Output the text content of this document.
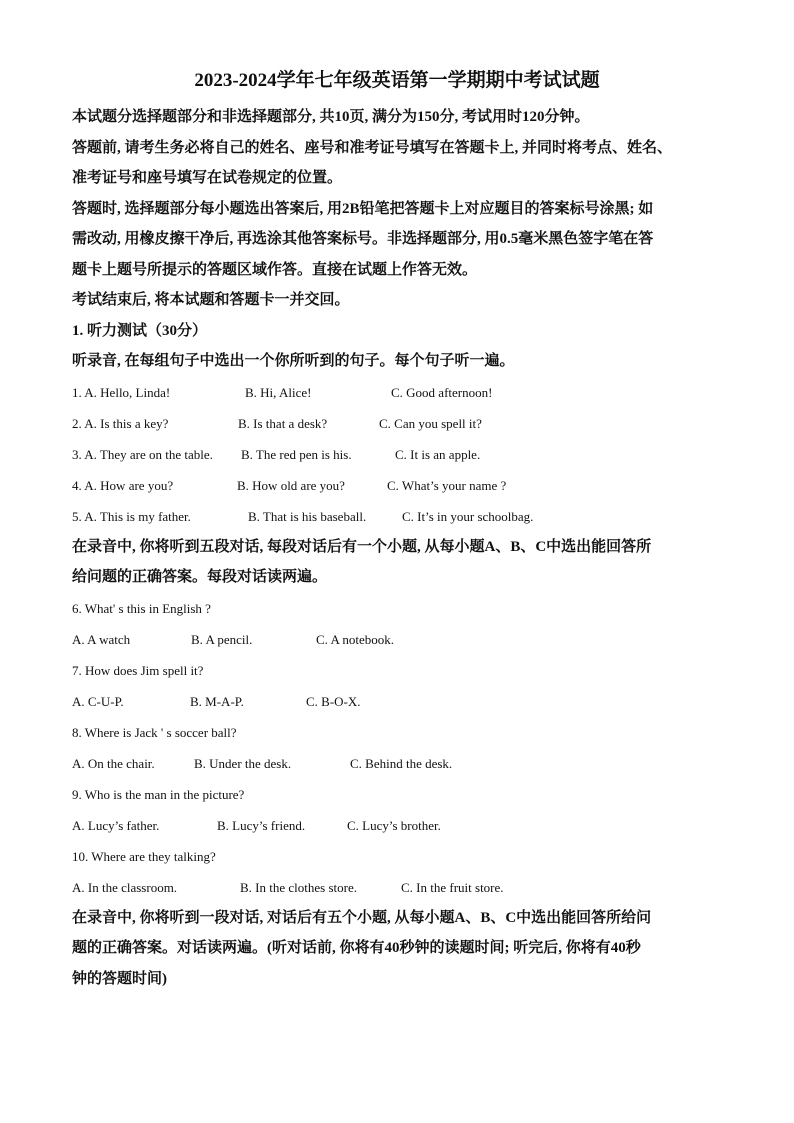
2023-2024学年七年级英语第一学期期中考试试题

本试题分选择题部分和非选择题部分, 共10页, 满分为150分, 考试用时120分钟。

答题前, 请考生务必将自己的姓名、座号和准考证号填写在答题卡上, 并同时将考点、姓名、

准考证号和座号填写在试卷规定的位置。

答题时, 选择题部分每小题选出答案后, 用2B铅笔把答题卡上对应题目的答案标号涂黑; 如

需改动, 用橡皮擦干净后, 再选涂其他答案标号。非选择题部分, 用0.5毫米黑色签字笔在答

题卡上题号所提示的答题区域作答。直接在试题上作答无效。

考试结束后, 将本试题和答题卡一并交回。

1. 听力测试（30分）

听录音, 在每组句子中选出一个你所听到的句子。每个句子听一遍。

1. A. Hello, Linda!	B. Hi, Alice!	C. Good afternoon!
2. A. Is this a key?	B. Is that a desk?	C. Can you spell it?
3. A. They are on the table. B. The red pen is his.	C. It is an apple.
4. A. How are you?	B. How old are you?	C. What’s your name ?
5. A. This is my father.	B. That is his baseball.	C. It’s in your schoolbag.

在录音中, 你将听到五段对话, 每段对话后有一个小题, 从每小题A、B、C中选出能回答所

给问题的正确答案。每段对话读两遍。

6. What' s this in English ?

A. A watch	B. A pencil.	C. A notebook.

7. How does Jim spell it?

A. C-U-P.	B. M-A-P.	C. B-O-X.

8. Where is Jack ' s soccer ball?

A. On the chair.	B. Under the desk.	C. Behind the desk.

9. Who is the man in the picture?

A. Lucy’s father.	B. Lucy’s friend.	C. Lucy’s brother.

10. Where are they talking?

A. In the classroom.	B. In the clothes store.	C. In the fruit store.

在录音中, 你将听到一段对话, 对话后有五个小题, 从每小题A、B、C中选出能回答所给问

题的正确答案。对话读两遍。(听对话前, 你将有40秒钟的读题时间; 听完后, 你将有40秒

钟的答题时间)
